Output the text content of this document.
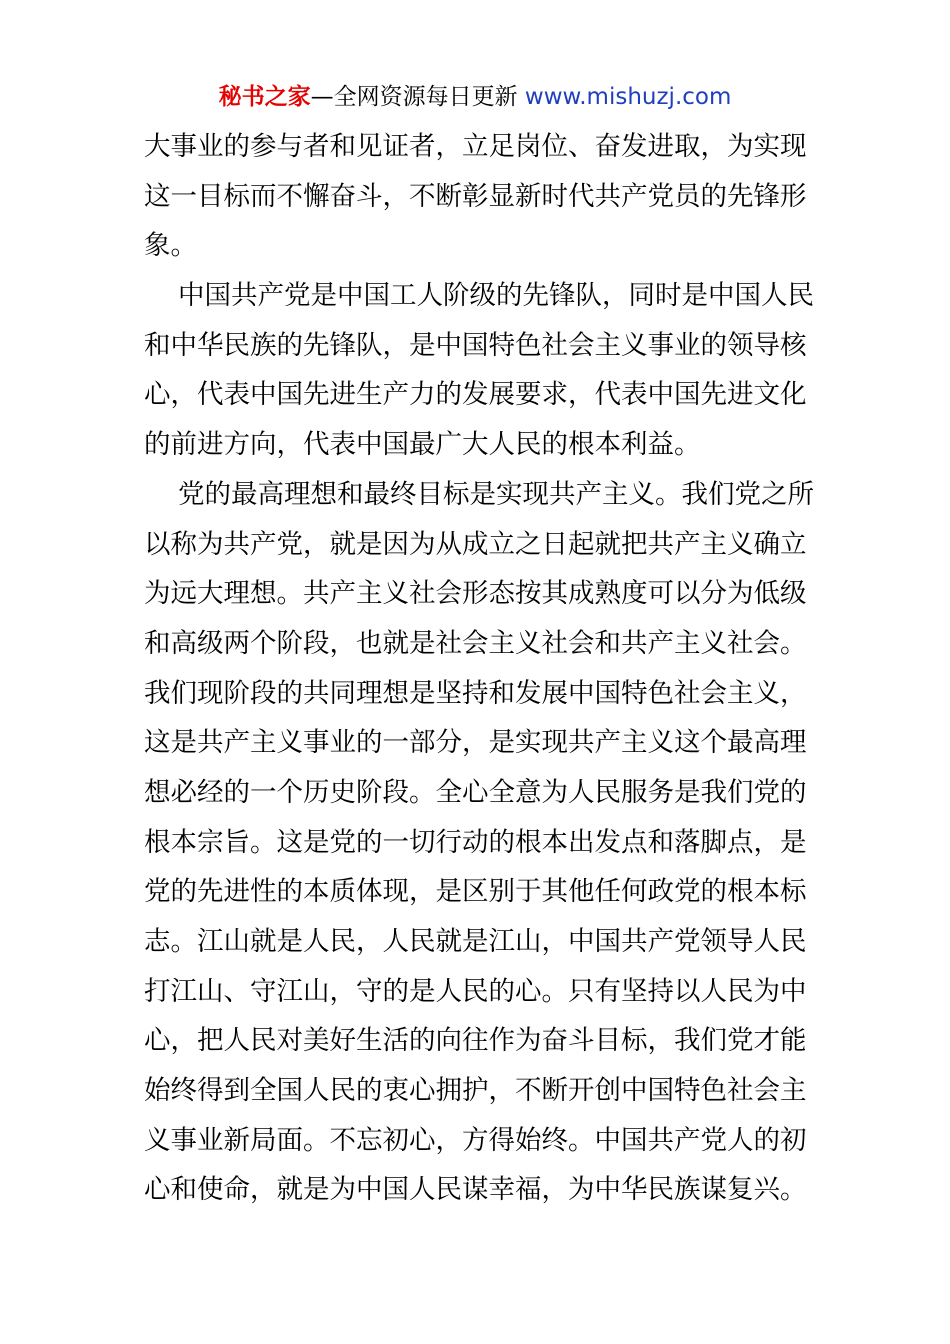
秘书之家—全网资源每日更新 www.mishuzj.com
大事业的参与者和见证者，立足岗位、奋发进取，为实现
这一目标而不懈奋斗，不断彰显新时代共产党员的先锋形
象。
中国共产党是中国工人阶级的先锋队，同时是中国人民
和中华民族的先锋队，是中国特色社会主义事业的领导核
心，代表中国先进生产力的发展要求，代表中国先进文化
的前进方向，代表中国最广大人民的根本利益。
党的最高理想和最终目标是实现共产主义。我们党之所
以称为共产党，就是因为从成立之日起就把共产主义确立
为远大理想。共产主义社会形态按其成熟度可以分为低级
和高级两个阶段，也就是社会主义社会和共产主义社会。
我们现阶段的共同理想是坚持和发展中国特色社会主义，
这是共产主义事业的一部分，是实现共产主义这个最高理
想必经的一个历史阶段。全心全意为人民服务是我们党的
根本宗旨。这是党的一切行动的根本出发点和落脚点，是
党的先进性的本质体现，是区别于其他任何政党的根本标
志。江山就是人民，人民就是江山，中国共产党领导人民
打江山、守江山，守的是人民的心。只有坚持以人民为中
心，把人民对美好生活的向往作为奋斗目标，我们党才能
始终得到全国人民的衷心拥护，不断开创中国特色社会主
义事业新局面。不忘初心，方得始终。中国共产党人的初
心和使命，就是为中国人民谋幸福，为中华民族谋复兴。
